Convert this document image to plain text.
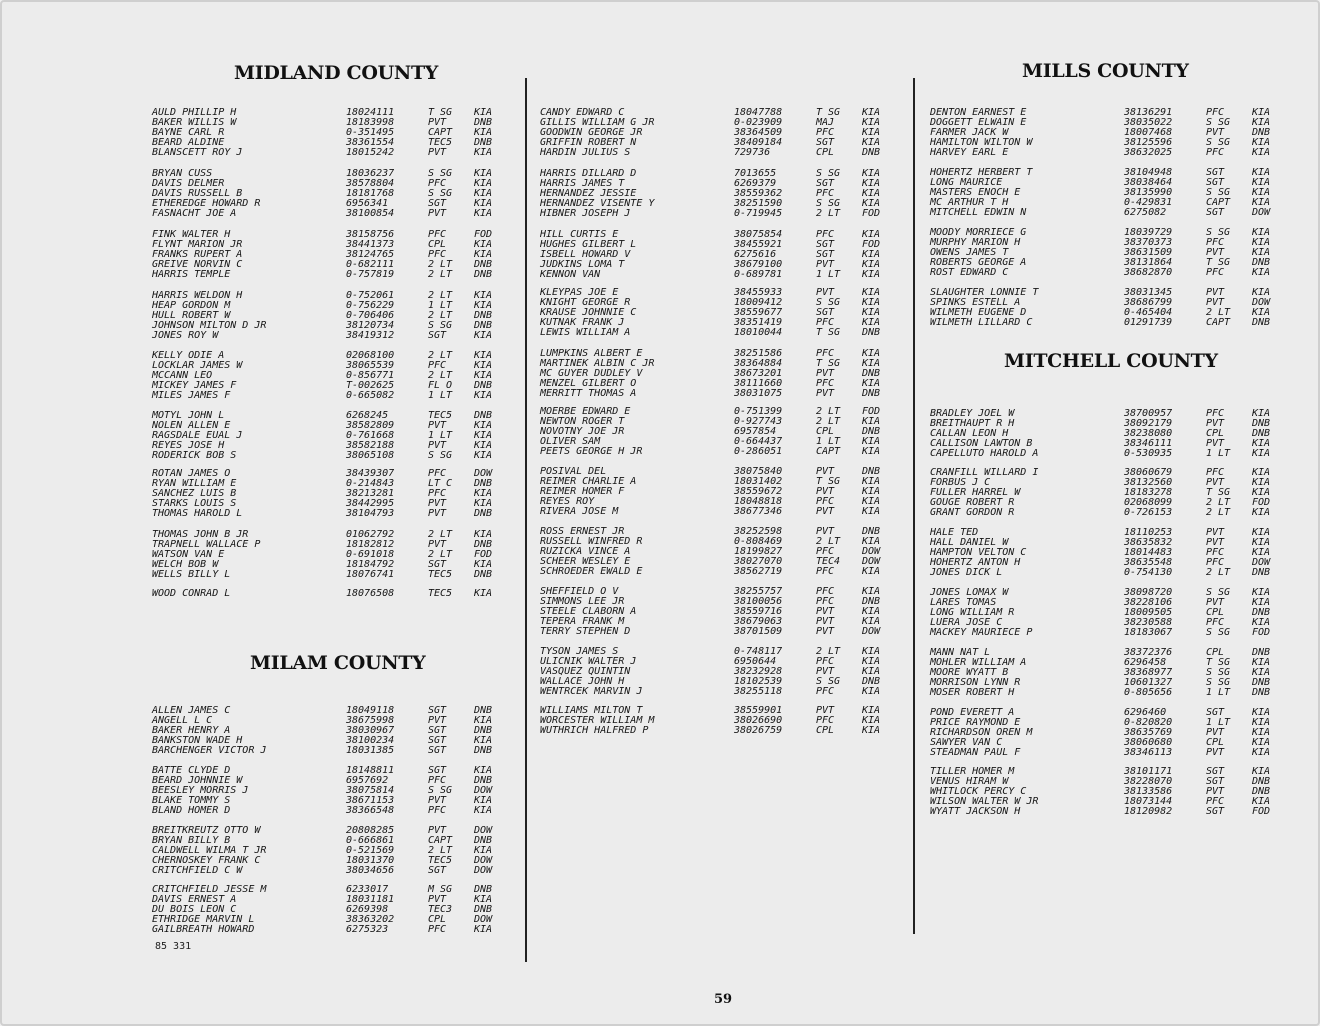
MIDLAND COUNTY
AULD PHILLIP H	18024111	T SG KIA
BAKER WILLIS W	18183998	PVT	DNB
BAYNE CARL R	0-351495	CAPT KIA
BEARD ALDINE	38361554	TEC5 DNB
BLANSCETT ROY J	18015242	PVT	KIA
BRYAN CUSS	18036237	S SG KIA
DAVIS DELMER	38578804	PFC	KIA
DAVIS RUSSELL B	18181768	S SG KIA
ETHEREDGE HOWARD R	6956341	SGT	KIA
FASNACHT JOE A	38100854	PVT	KIA
FINK WALTER H	38158756	PFC	FOD
FLYNT MARION JR	38441373	CPL	KIA
FRANKS RUPERT A	38124765	PFC	KIA
GREIVE NORVIN C	0-682111	2 LT DNB
HARRIS TEMPLE	0-757819	2 LT DNB
HARRIS WELDON H	0-752061	2 LT KIA
HEAP GORDON M	0-756229	1 LT KIA
HULL ROBERT W	0-706406	2 LT DNB
JOHNSON MILTON D JR	38120734	S SG DNB
JONES ROY W	38419312	SGT	KIA
KELLY ODIE A	02068100	2 LT KIA
LOCKLAR JAMES W	38065539	PFC	KIA
MCCANN LEO	0-856771	2 LT KIA
MICKEY JAMES F	T-002625	FL O DNB
MILES JAMES F	0-665082	1 LT KIA
MOTYL JOHN L	6268245	TEC5 DNB
NOLEN ALLEN E	38582809	PVT	KIA
RAGSDALE EUAL J	0-761668	1 LT KIA
REYES JOSE H	38582188	PVT	KIA
RODERICK BOB S	38065108	S SG KIA
ROTAN JAMES O	38439307	PFC	DOW
RYAN WILLIAM E	0-214843	LT C DNB
SANCHEZ LUIS B	38213281	PFC	KIA
STARKS LOUIS S	38442995	PVT	KIA
THOMAS HAROLD L	38104793	PVT	DNB
THOMAS JOHN B JR	01062792	2 LT KIA
TRAPNELL WALLACE P	18182812	PVT	DNB
WATSON VAN E	0-691018	2 LT FOD
WELCH BOB W	18184792	SGT	KIA
WELLS BILLY L	18076741	TEC5 DNB
WOOD CONRAD L	18076508	TEC5 KIA
MILAM COUNTY
ALLEN JAMES C	18049118	SGT	DNB
ANGELL L C	38675998	PVT	KIA
BAKER HENRY A	38030967	SGT	DNB
BANKSTON WADE H	38100234	SGT	KIA
BARCHENGER VICTOR J	18031385	SGT	DNB
BATTE CLYDE D	18148811	SGT	KIA
BEARD JOHNNIE W	6957692	PFC	DNB
BEESLEY MORRIS J	38075814	S SG DOW
BLAKE TOMMY S	38671153	PVT	KIA
BLAND HOMER D	38366548	PFC	KIA
BREITKREUTZ OTTO W	20808285	PVT	DOW
BRYAN BILLY B	0-666861	CAPT DNB
CALDWELL WILMA T JR	0-521569	2 LT KIA
CHERNOSKEY FRANK C	18031370	TEC5 DOW
CRITCHFIELD C W	38034656	SGT	DOW
CRITCHFIELD JESSE M	6233017	M SG DNB
DAVIS ERNEST A	18031181	PVT	KIA
DU BOIS LEON C	6269398	TEC3 DNB
ETHRIDGE MARVIN L	38363202	CPL	DOW
GAILBREATH HOWARD	6275323	PFC	KIA
CANDY EDWARD C	18047788	T SG KIA
GILLIS WILLIAM G JR	0-023909	MAJ	KIA
GOODWIN GEORGE JR	38364509	PFC	KIA
GRIFFIN ROBERT N	38409184	SGT	KIA
HARDIN JULIUS S	729736	CPL	DNB
HARRIS DILLARD D	7013655	S SG KIA
HARRIS JAMES T	6269379	SGT	KIA
HERNANDEZ JESSIE	38559362	PFC	KIA
HERNANDEZ VISENTE Y	38251590	S SG KIA
HIBNER JOSEPH J	0-719945	2 LT FOD
HILL CURTIS E	38075854	PFC	KIA
HUGHES GILBERT L	38455921	SGT	FOD
ISBELL HOWARD V	6275616	SGT	KIA
JUDKINS LOMA T	38679100	PVT	KIA
KENNON VAN	0-689781	1 LT KIA
KLEYPAS JOE E	38455933	PVT	KIA
KNIGHT GEORGE R	18009412	S SG KIA
KRAUSE JOHNNIE C	38559677	SGT	KIA
KUTNAK FRANK J	38351419	PFC	KIA
LEWIS WILLIAM A	18010044	T SG DNB
LUMPKINS ALBERT E	38251586	PFC	KIA
MARTINEK ALBIN C JR	38364884	T SG KIA
MC GUYER DUDLEY V	38673201	PVT	DNB
MENZEL GILBERT O	38111660	PFC	KIA
MERRITT THOMAS A	38031075	PVT	DNB
MOERBE EDWARD E	0-751399	2 LT FOD
NEWTON ROGER T	0-927743	2 LT KIA
NOVOTNY JOE JR	6957854	CPL	DNB
OLIVER SAM	0-664437	1 LT KIA
PEETS GEORGE H JR	0-286051	CAPT KIA
POSIVAL DEL	38075840	PVT	DNB
REIMER CHARLIE A	18031402	T SG KIA
REIMER HOMER F	38559672	PVT	KIA
REYES ROY	18048818	PFC	KIA
RIVERA JOSE M	38677346	PVT	KIA
ROSS ERNEST JR	38252598	PVT	DNB
RUSSELL WINFRED R	0-808469	2 LT KIA
RUZICKA VINCE A	18199827	PFC	DOW
SCHEER WESLEY E	38027070	TEC4 DOW
SCHROEDER EWALD E	38562719	PFC	KIA
SHEFFIELD O V	38255757	PFC	KIA
SIMMONS LEE JR	38100056	PFC	DNB
STEELE CLABORN A	38559716	PVT	KIA
TEPERA FRANK M	38679063	PVT	KIA
TERRY STEPHEN D	38701509	PVT	DOW
TYSON JAMES S	0-748117	2 LT KIA
ULICNIK WALTER J	6950644	PFC	KIA
VASQUEZ QUINTIN	38232928	PVT	KIA
WALLACE JOHN H	18102539	S SG DNB
WENTRCEK MARVIN J	38255118	PFC	KIA
WILLIAMS MILTON T	38559901	PVT	KIA
WORCESTER WILLIAM M	38026690	PFC	KIA
WUTHRICH HALFRED P	38026759	CPL	KIA
MILLS COUNTY
DENTON EARNEST E	38136291	PFC	KIA
DOGGETT ELWAIN E	38035022	S SG KIA
FARMER JACK W	18007468	PVT	DNB
HAMILTON WILTON W	38125596	S SG KIA
HARVEY EARL E	38632025	PFC	KIA
HOHERTZ HERBERT T	38104948	SGT	KIA
LONG MAURICE	38038464	SGT	KIA
MASTERS ENOCH E	38135990	S SG KIA
MC ARTHUR T H	0-429831	CAPT KIA
MITCHELL EDWIN N	6275082	SGT	DOW
MOODY MORRIECE G	18039729	S SG KIA
MURPHY MARION H	38370373	PFC	KIA
OWENS JAMES T	38631509	PVT	KIA
ROBERTS GEORGE A	38131864	T SG DNB
ROST EDWARD C	38682870	PFC	KIA
SLAUGHTER LONNIE T	38031345	PVT	KIA
SPINKS ESTELL A	38686799	PVT	DOW
WILMETH EUGENE D	0-465404	2 LT KIA
WILMETH LILLARD C	01291739	CAPT DNB
MITCHELL COUNTY
BRADLEY JOEL W	38700957	PFC	KIA
BREITHAUPT R H	38092179	PVT	DNB
CALLAN LEON H	38238080	CPL	DNB
CALLISON LAWTON B	38346111	PVT	KIA
CAPELLUTO HAROLD A	0-530935	1 LT KIA
CRANFILL WILLARD I	38060679	PFC	KIA
FORBUS J C	38132560	PVT	KIA
FULLER HARREL W	18183278	T SG KIA
GOUGE ROBERT R	02068099	2 LT FOD
GRANT GORDON R	0-726153	2 LT KIA
HALE TED	18110253	PVT	KIA
HALL DANIEL W	38635832	PVT	KIA
HAMPTON VELTON C	18014483	PFC	KIA
HOHERTZ ANTON H	38635548	PFC	DOW
JONES DICK L	0-754130	2 LT DNB
JONES LOMAX W	38098720	S SG KIA
LARES TOMAS	38228106	PVT	KIA
LONG WILLIAM R	18009505	CPL	DNB
LUERA JOSE C	38230588	PFC	KIA
MACKEY MAURIECE P	18183067	S SG FOD
MANN NAT L	38372376	CPL	DNB
MOHLER WILLIAM A	6296458	T SG KIA
MOORE WYATT B	38368977	S SG KIA
MORRISON LYNN R	10601327	S SG DNB
MOSER ROBERT H	0-805656	1 LT DNB
POND EVERETT A	6296460	SGT	KIA
PRICE RAYMOND E	0-820820	1 LT KIA
RICHARDSON OREN M	38635769	PVT	KIA
SAWYER VAN C	38060680	CPL	KIA
STEADMAN PAUL F	38346113	PVT	KIA
TILLER HOMER M	38101171	SGT	KIA
VENUS HIRAM W	38228070	SGT	DNB
WHITLOCK PERCY C	38133586	PVT	DNB
WILSON WALTER W JR	18073144	PFC	KIA
WYATT JACKSON H	18120982	SGT	FOD
85 331
59
